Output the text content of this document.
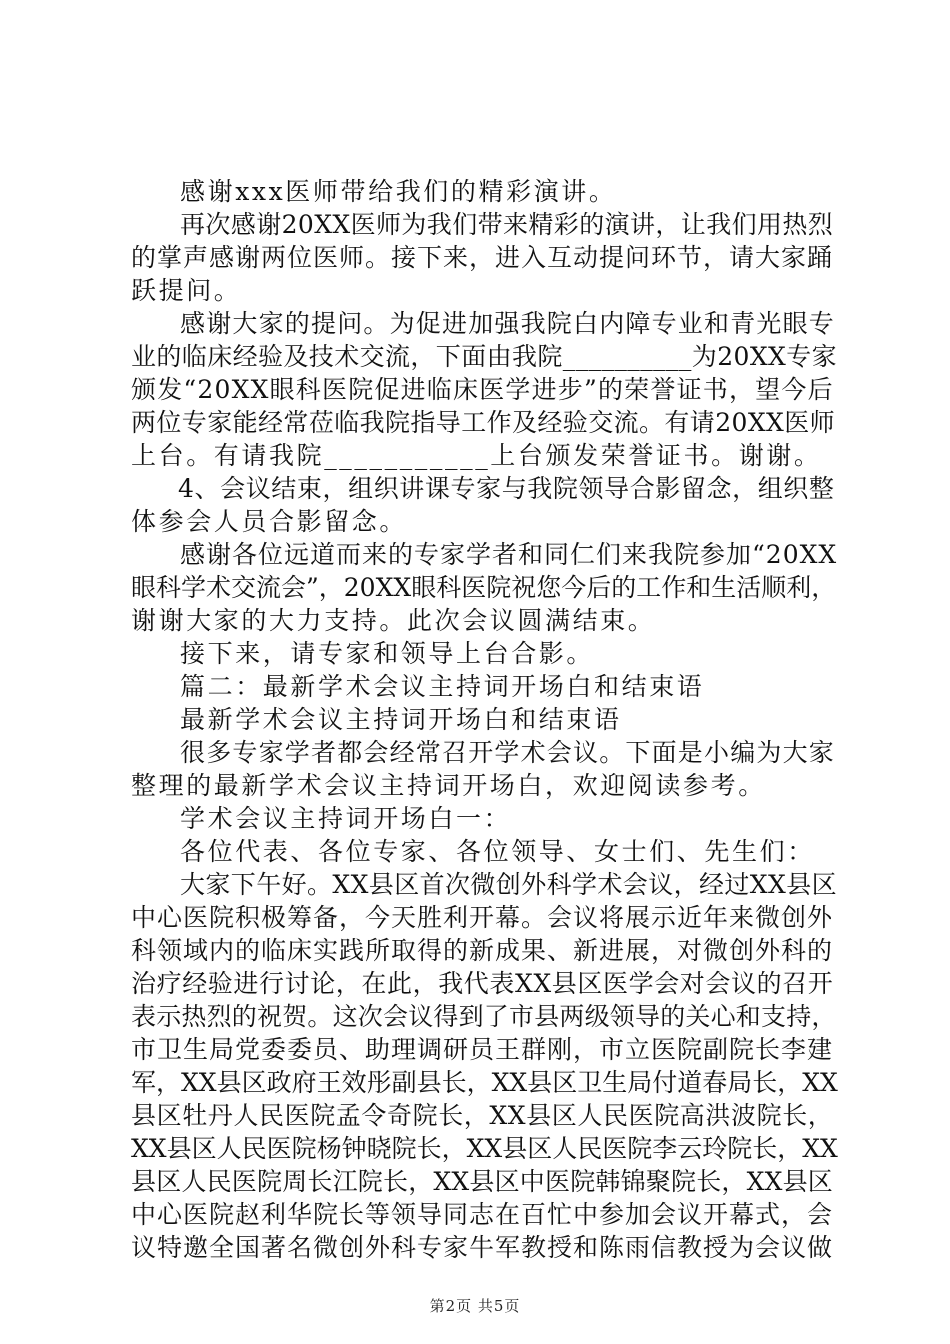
感谢xxx医师带给我们的精彩演讲。
再次感谢20XX医师为我们带来精彩的演讲，让我们用热烈
的掌声感谢两位医师。接下来，进入互动提问环节，请大家踊
跃提问。
感谢大家的提问。为促进加强我院白内障专业和青光眼专
业的临床经验及技术交流，下面由我院__________为20XX专家
颁发“20XX眼科医院促进临床医学进步”的荣誉证书，望今后
两位专家能经常莅临我院指导工作及经验交流。有请20XX医师
上台。有请我院___________上台颁发荣誉证书。谢谢。
4、会议结束，组织讲课专家与我院领导合影留念，组织整
体参会人员合影留念。
感谢各位远道而来的专家学者和同仁们来我院参加“20XX
眼科学术交流会”，20XX眼科医院祝您今后的工作和生活顺利，
谢谢大家的大力支持。此次会议圆满结束。
接下来，请专家和领导上台合影。
篇二：最新学术会议主持词开场白和结束语
最新学术会议主持词开场白和结束语
很多专家学者都会经常召开学术会议。下面是小编为大家
整理的最新学术会议主持词开场白，欢迎阅读参考。
学术会议主持词开场白一：
各位代表、各位专家、各位领导、女士们、先生们：
大家下午好。XX县区首次微创外科学术会议，经过XX县区
中心医院积极筹备，今天胜利开幕。会议将展示近年来微创外
科领域内的临床实践所取得的新成果、新进展，对微创外科的
治疗经验进行讨论，在此，我代表XX县区医学会对会议的召开
表示热烈的祝贺。这次会议得到了市县两级领导的关心和支持，
市卫生局党委委员、助理调研员王群刚，市立医院副院长李建
军，XX县区政府王效彤副县长，XX县区卫生局付道春局长，XX
县区牡丹人民医院孟令奇院长，XX县区人民医院高洪波院长，
XX县区人民医院杨钟晓院长，XX县区人民医院李云玲院长，XX
县区人民医院周长江院长，XX县区中医院韩锦聚院长，XX县区
中心医院赵利华院长等领导同志在百忙中参加会议开幕式，会
议特邀全国著名微创外科专家牛军教授和陈雨信教授为会议做
第2页 共5页
